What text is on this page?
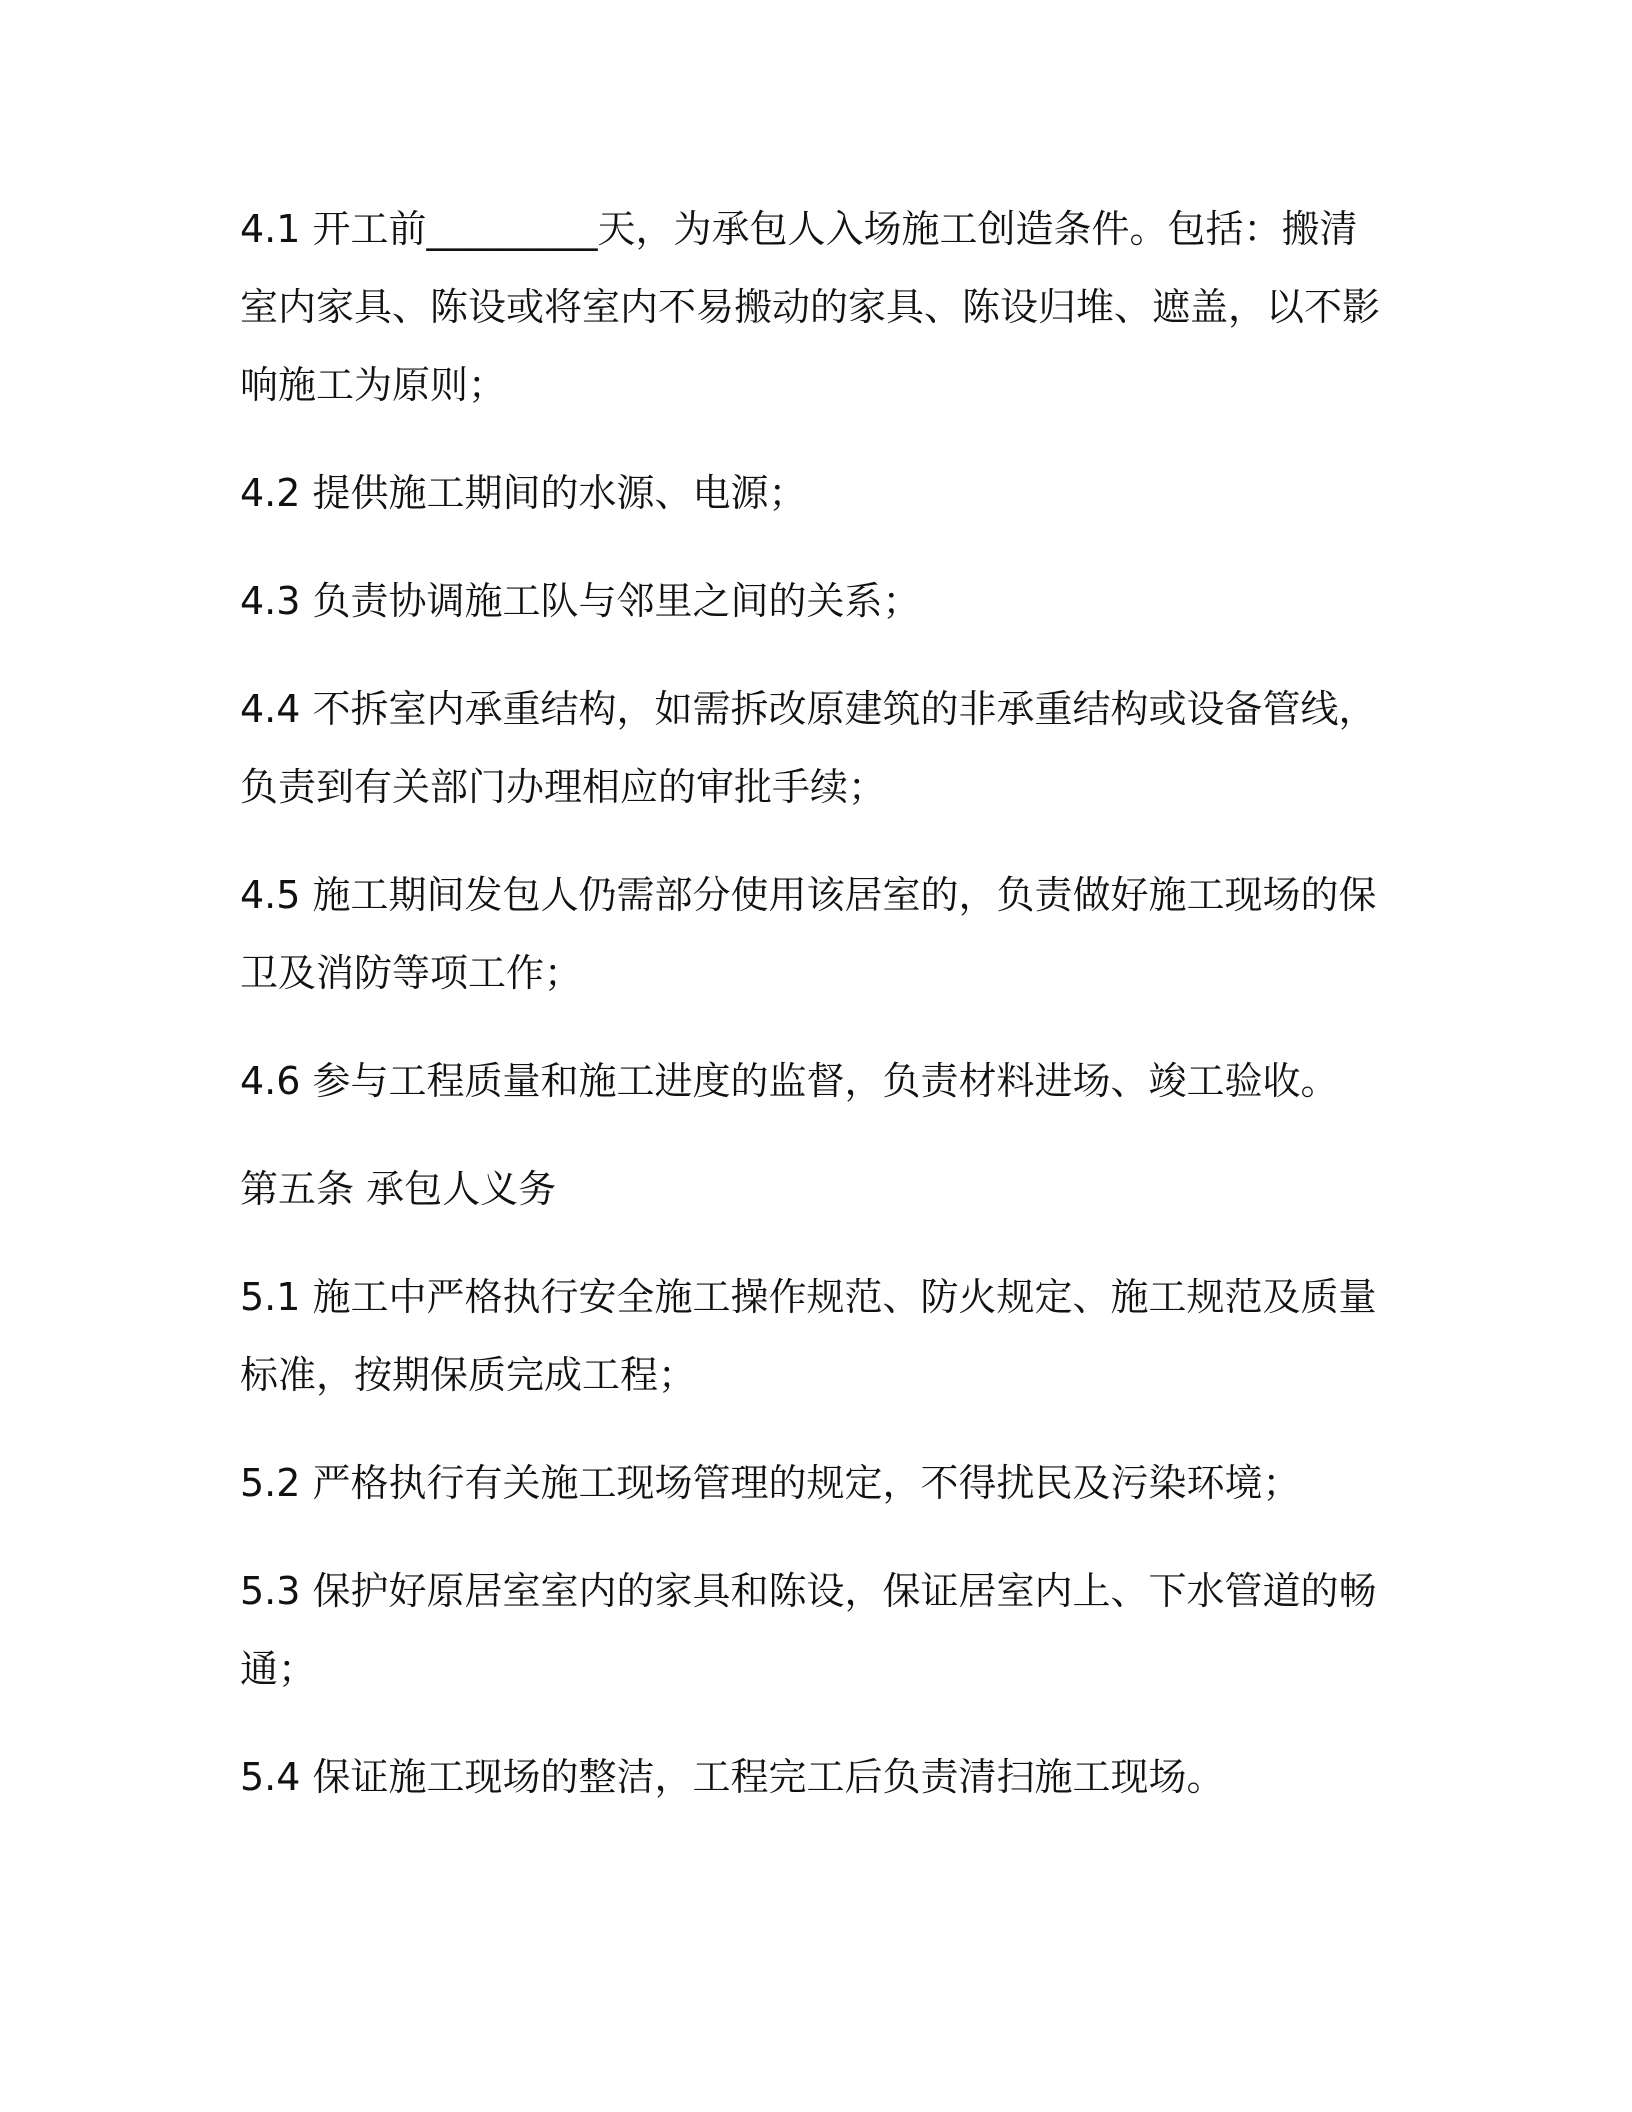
4.1 开工前_________天，为承包人入场施工创造条件。包括：搬清室内家具、陈设或将室内不易搬动的家具、陈设归堆、遮盖，以不影响施工为原则；

4.2 提供施工期间的水源、电源；

4.3 负责协调施工队与邻里之间的关系；

4.4 不拆室内承重结构，如需拆改原建筑的非承重结构或设备管线，负责到有关部门办理相应的审批手续；

4.5 施工期间发包人仍需部分使用该居室的，负责做好施工现场的保卫及消防等项工作；

4.6 参与工程质量和施工进度的监督，负责材料进场、竣工验收。

第五条 承包人义务

5.1 施工中严格执行安全施工操作规范、防火规定、施工规范及质量标准，按期保质完成工程；

5.2 严格执行有关施工现场管理的规定，不得扰民及污染环境；

5.3 保护好原居室室内的家具和陈设，保证居室内上、下水管道的畅通；

5.4 保证施工现场的整洁，工程完工后负责清扫施工现场。
